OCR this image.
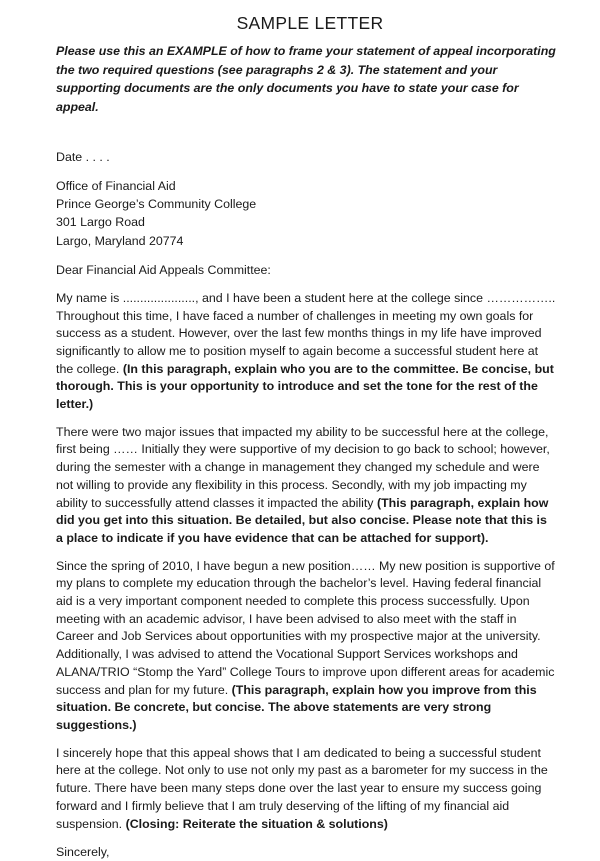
SAMPLE LETTER
Please use this an EXAMPLE of how to frame your statement of appeal incorporating the two required questions (see paragraphs 2 & 3). The statement and your supporting documents are the only documents you have to state your case for appeal.
Date . . . .
Office of Financial Aid
Prince George’s Community College
301 Largo Road
Largo, Maryland 20774
Dear Financial Aid Appeals Committee:
My name is ....................., and I have been a student here at the college since …………….. Throughout this time, I have faced a number of challenges in meeting my own goals for success as a student. However, over the last few months things in my life have improved significantly to allow me to position myself to again become a successful student here at the college. (In this paragraph, explain who you are to the committee. Be concise, but thorough. This is your opportunity to introduce and set the tone for the rest of the letter.)
There were two major issues that impacted my ability to be successful here at the college, first being …… Initially they were supportive of my decision to go back to school; however, during the semester with a change in management they changed my schedule and were not willing to provide any flexibility in this process. Secondly, with my job impacting my ability to successfully attend classes it impacted the ability (This paragraph, explain how did you get into this situation. Be detailed, but also concise. Please note that this is a place to indicate if you have evidence that can be attached for support).
Since the spring of 2010, I have begun a new position…… My new position is supportive of my plans to complete my education through the bachelor’s level. Having federal financial aid is a very important component needed to complete this process successfully. Upon meeting with an academic advisor, I have been advised to also meet with the staff in Career and Job Services about opportunities with my prospective major at the university. Additionally, I was advised to attend the Vocational Support Services workshops and ALANA/TRIO “Stomp the Yard” College Tours to improve upon different areas for academic success and plan for my future. (This paragraph, explain how you improve from this situation. Be concrete, but concise. The above statements are very strong suggestions.)
I sincerely hope that this appeal shows that I am dedicated to being a successful student here at the college. Not only to use not only my past as a barometer for my success in the future. There have been many steps done over the last year to ensure my success going forward and I firmly believe that I am truly deserving of the lifting of my financial aid suspension. (Closing: Reiterate the situation & solutions)
Sincerely,
